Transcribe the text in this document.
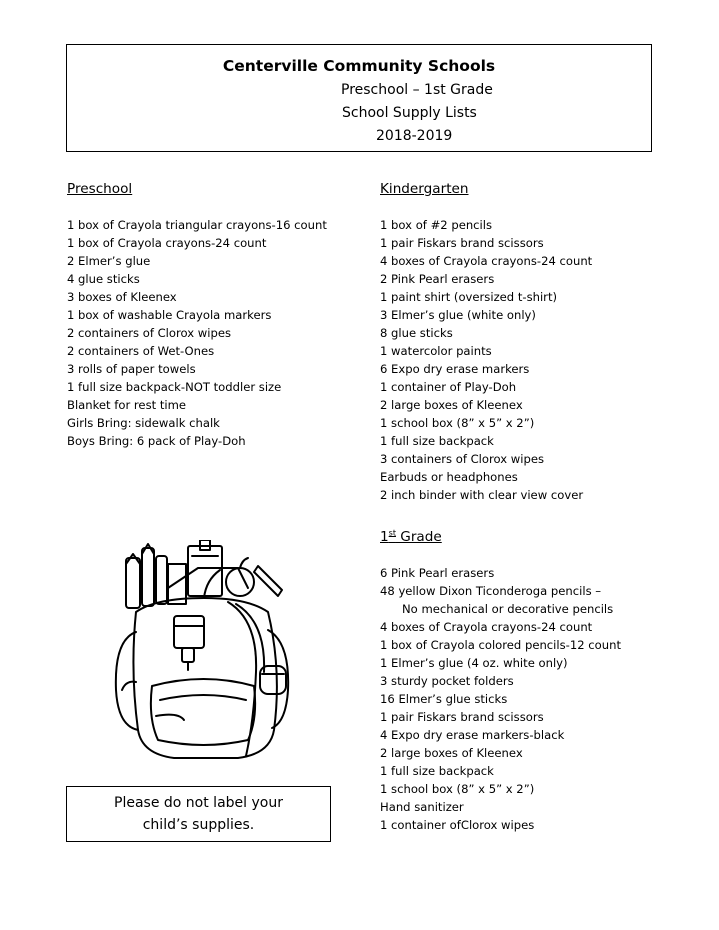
Centerville Community Schools
Preschool – 1st Grade
School Supply Lists
2018-2019
Preschool
1 box of Crayola triangular crayons-16 count
1 box of Crayola crayons-24 count
2 Elmer’s glue
4 glue sticks
3 boxes of Kleenex
1 box of washable Crayola markers
2 containers of Clorox wipes
2 containers of Wet-Ones
3 rolls of paper towels
1 full size backpack-NOT toddler size
Blanket for rest time
Girls Bring: sidewalk chalk
Boys Bring: 6 pack of Play-Doh
Kindergarten
1 box of #2 pencils
1 pair Fiskars brand scissors
4 boxes of Crayola crayons-24 count
2 Pink Pearl erasers
1 paint shirt (oversized t-shirt)
3 Elmer’s glue (white only)
8 glue sticks
1 watercolor paints
6 Expo dry erase markers
1 container of Play-Doh
2 large boxes of Kleenex
1 school box (8” x 5” x 2”)
1 full size backpack
3 containers of Clorox wipes
Earbuds or headphones
2 inch binder with clear view cover
1st Grade
6 Pink Pearl erasers
48 yellow Dixon Ticonderoga pencils –
No mechanical or decorative pencils
4 boxes of Crayola crayons-24 count
1 box of Crayola colored pencils-12 count
1 Elmer’s glue (4 oz. white only)
3 sturdy pocket folders
16 Elmer’s glue sticks
1 pair Fiskars brand scissors
4 Expo dry erase markers-black
2 large boxes of Kleenex
1 full size backpack
1 school box (8” x 5” x 2”)
Hand sanitizer
1 container ofClorox wipes
Please do not label your
child’s supplies.
